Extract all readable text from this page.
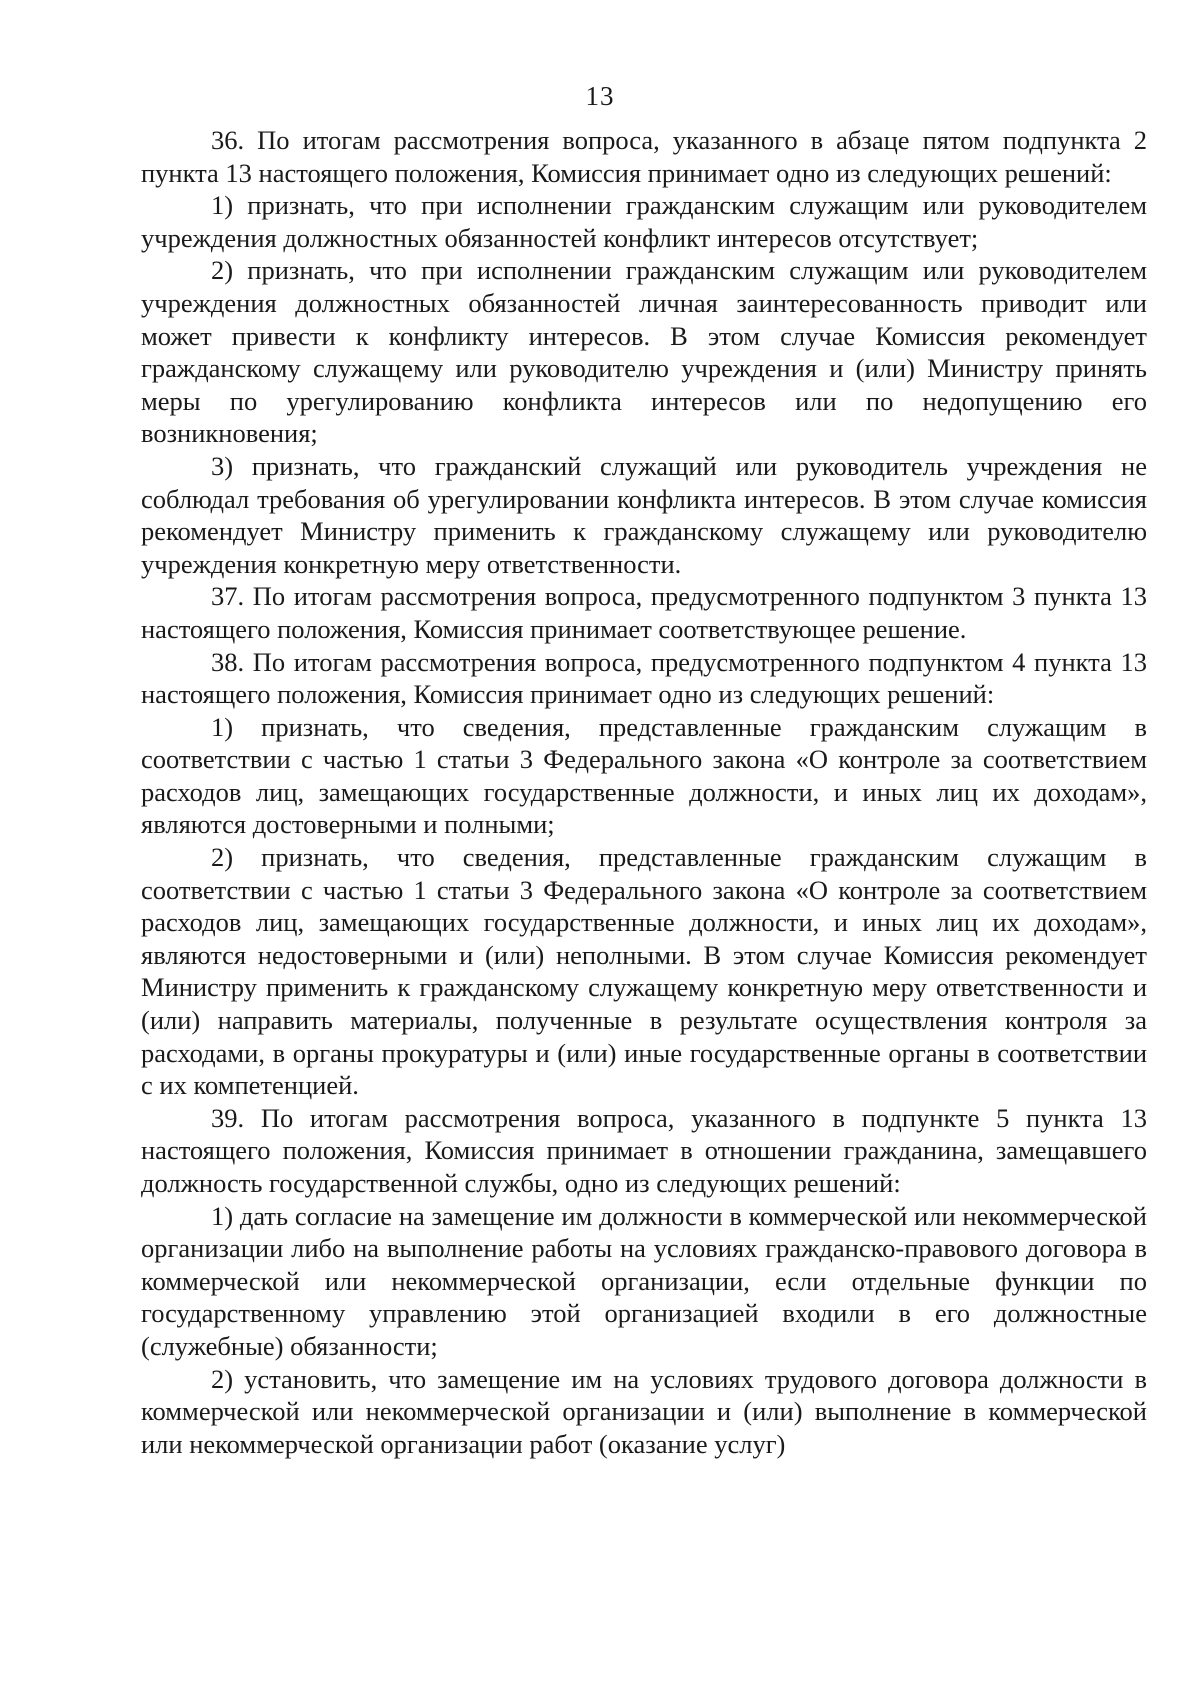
13

36. По итогам рассмотрения вопроса, указанного в абзаце пятом подпункта 2 пункта 13 настоящего положения, Комиссия принимает одно из следующих решений:

1) признать, что при исполнении гражданским служащим или руководителем учреждения должностных обязанностей конфликт интересов отсутствует;

2) признать, что при исполнении гражданским служащим или руководителем учреждения должностных обязанностей личная заинтересованность приводит или может привести к конфликту интересов. В этом случае Комиссия рекомендует гражданскому служащему или руководителю учреждения и (или) Министру принять меры по урегулированию конфликта интересов или по недопущению его возникновения;

3) признать, что гражданский служащий или руководитель учреждения не соблюдал требования об урегулировании конфликта интересов. В этом случае комиссия рекомендует Министру применить к гражданскому служащему или руководителю учреждения конкретную меру ответственности.

37. По итогам рассмотрения вопроса, предусмотренного подпунктом 3 пункта 13 настоящего положения, Комиссия принимает соответствующее решение.

38. По итогам рассмотрения вопроса, предусмотренного подпунктом 4 пункта 13 настоящего положения, Комиссия принимает одно из следующих решений:

1) признать, что сведения, представленные гражданским служащим в соответствии с частью 1 статьи 3 Федерального закона «О контроле за соответствием расходов лиц, замещающих государственные должности, и иных лиц их доходам», являются достоверными и полными;

2) признать, что сведения, представленные гражданским служащим в соответствии с частью 1 статьи 3 Федерального закона «О контроле за соответствием расходов лиц, замещающих государственные должности, и иных лиц их доходам», являются недостоверными и (или) неполными. В этом случае Комиссия рекомендует Министру применить к гражданскому служащему конкретную меру ответственности и (или) направить материалы, полученные в результате осуществления контроля за расходами, в органы прокуратуры и (или) иные государственные органы в соответствии с их компетенцией.

39. По итогам рассмотрения вопроса, указанного в подпункте 5 пункта 13 настоящего положения, Комиссия принимает в отношении гражданина, замещавшего должность государственной службы, одно из следующих решений:

1) дать согласие на замещение им должности в коммерческой или некоммерческой организации либо на выполнение работы на условиях гражданско-правового договора в коммерческой или некоммерческой организации, если отдельные функции по государственному управлению этой организацией входили в его должностные (служебные) обязанности;

2) установить, что замещение им на условиях трудового договора должности в коммерческой или некоммерческой организации и (или) выполнение в коммерческой или некоммерческой организации работ (оказание услуг)
